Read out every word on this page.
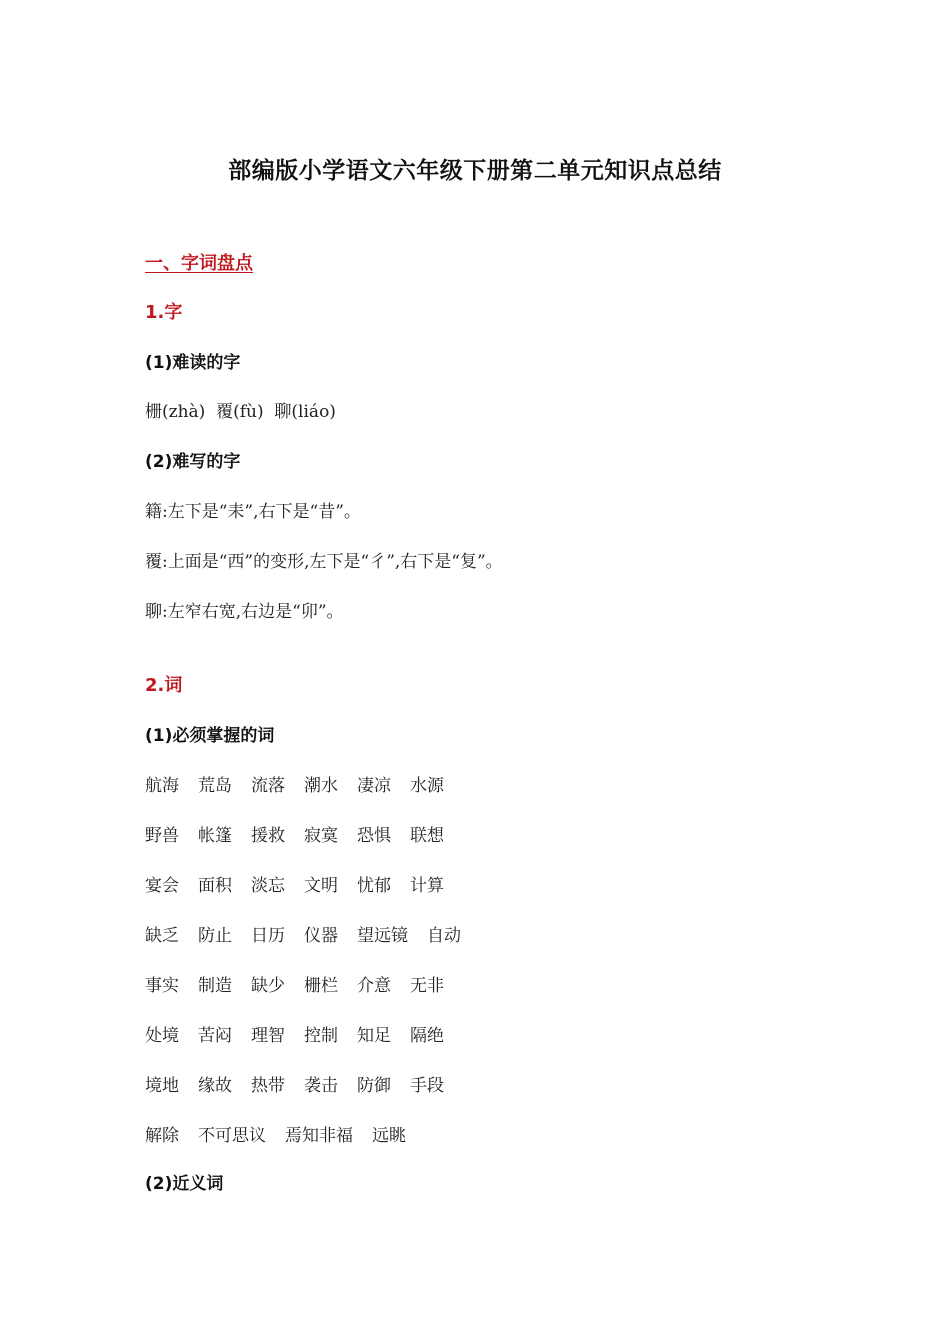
部编版小学语文六年级下册第二单元知识点总结
一、字词盘点
1.字
(1)难读的字
栅(zhà)  覆(fù)  聊(liáo)
(2)难写的字
籍:左下是“耒”,右下是“昔”。
覆:上面是“西”的变形,左下是“彳”,右下是“复”。
聊:左窄右宽,右边是“卯”。
2.词
(1)必须掌握的词
航海 荒岛 流落 潮水 凄凉 水源
野兽 帐篷 援救 寂寞 恐惧 联想
宴会 面积 淡忘 文明 忧郁 计算
缺乏 防止 日历 仪器 望远镜 自动
事实 制造 缺少 栅栏 介意 无非
处境 苦闷 理智 控制 知足 隔绝
境地 缘故 热带 袭击 防御 手段
解除 不可思议 焉知非福 远眺
(2)近义词
